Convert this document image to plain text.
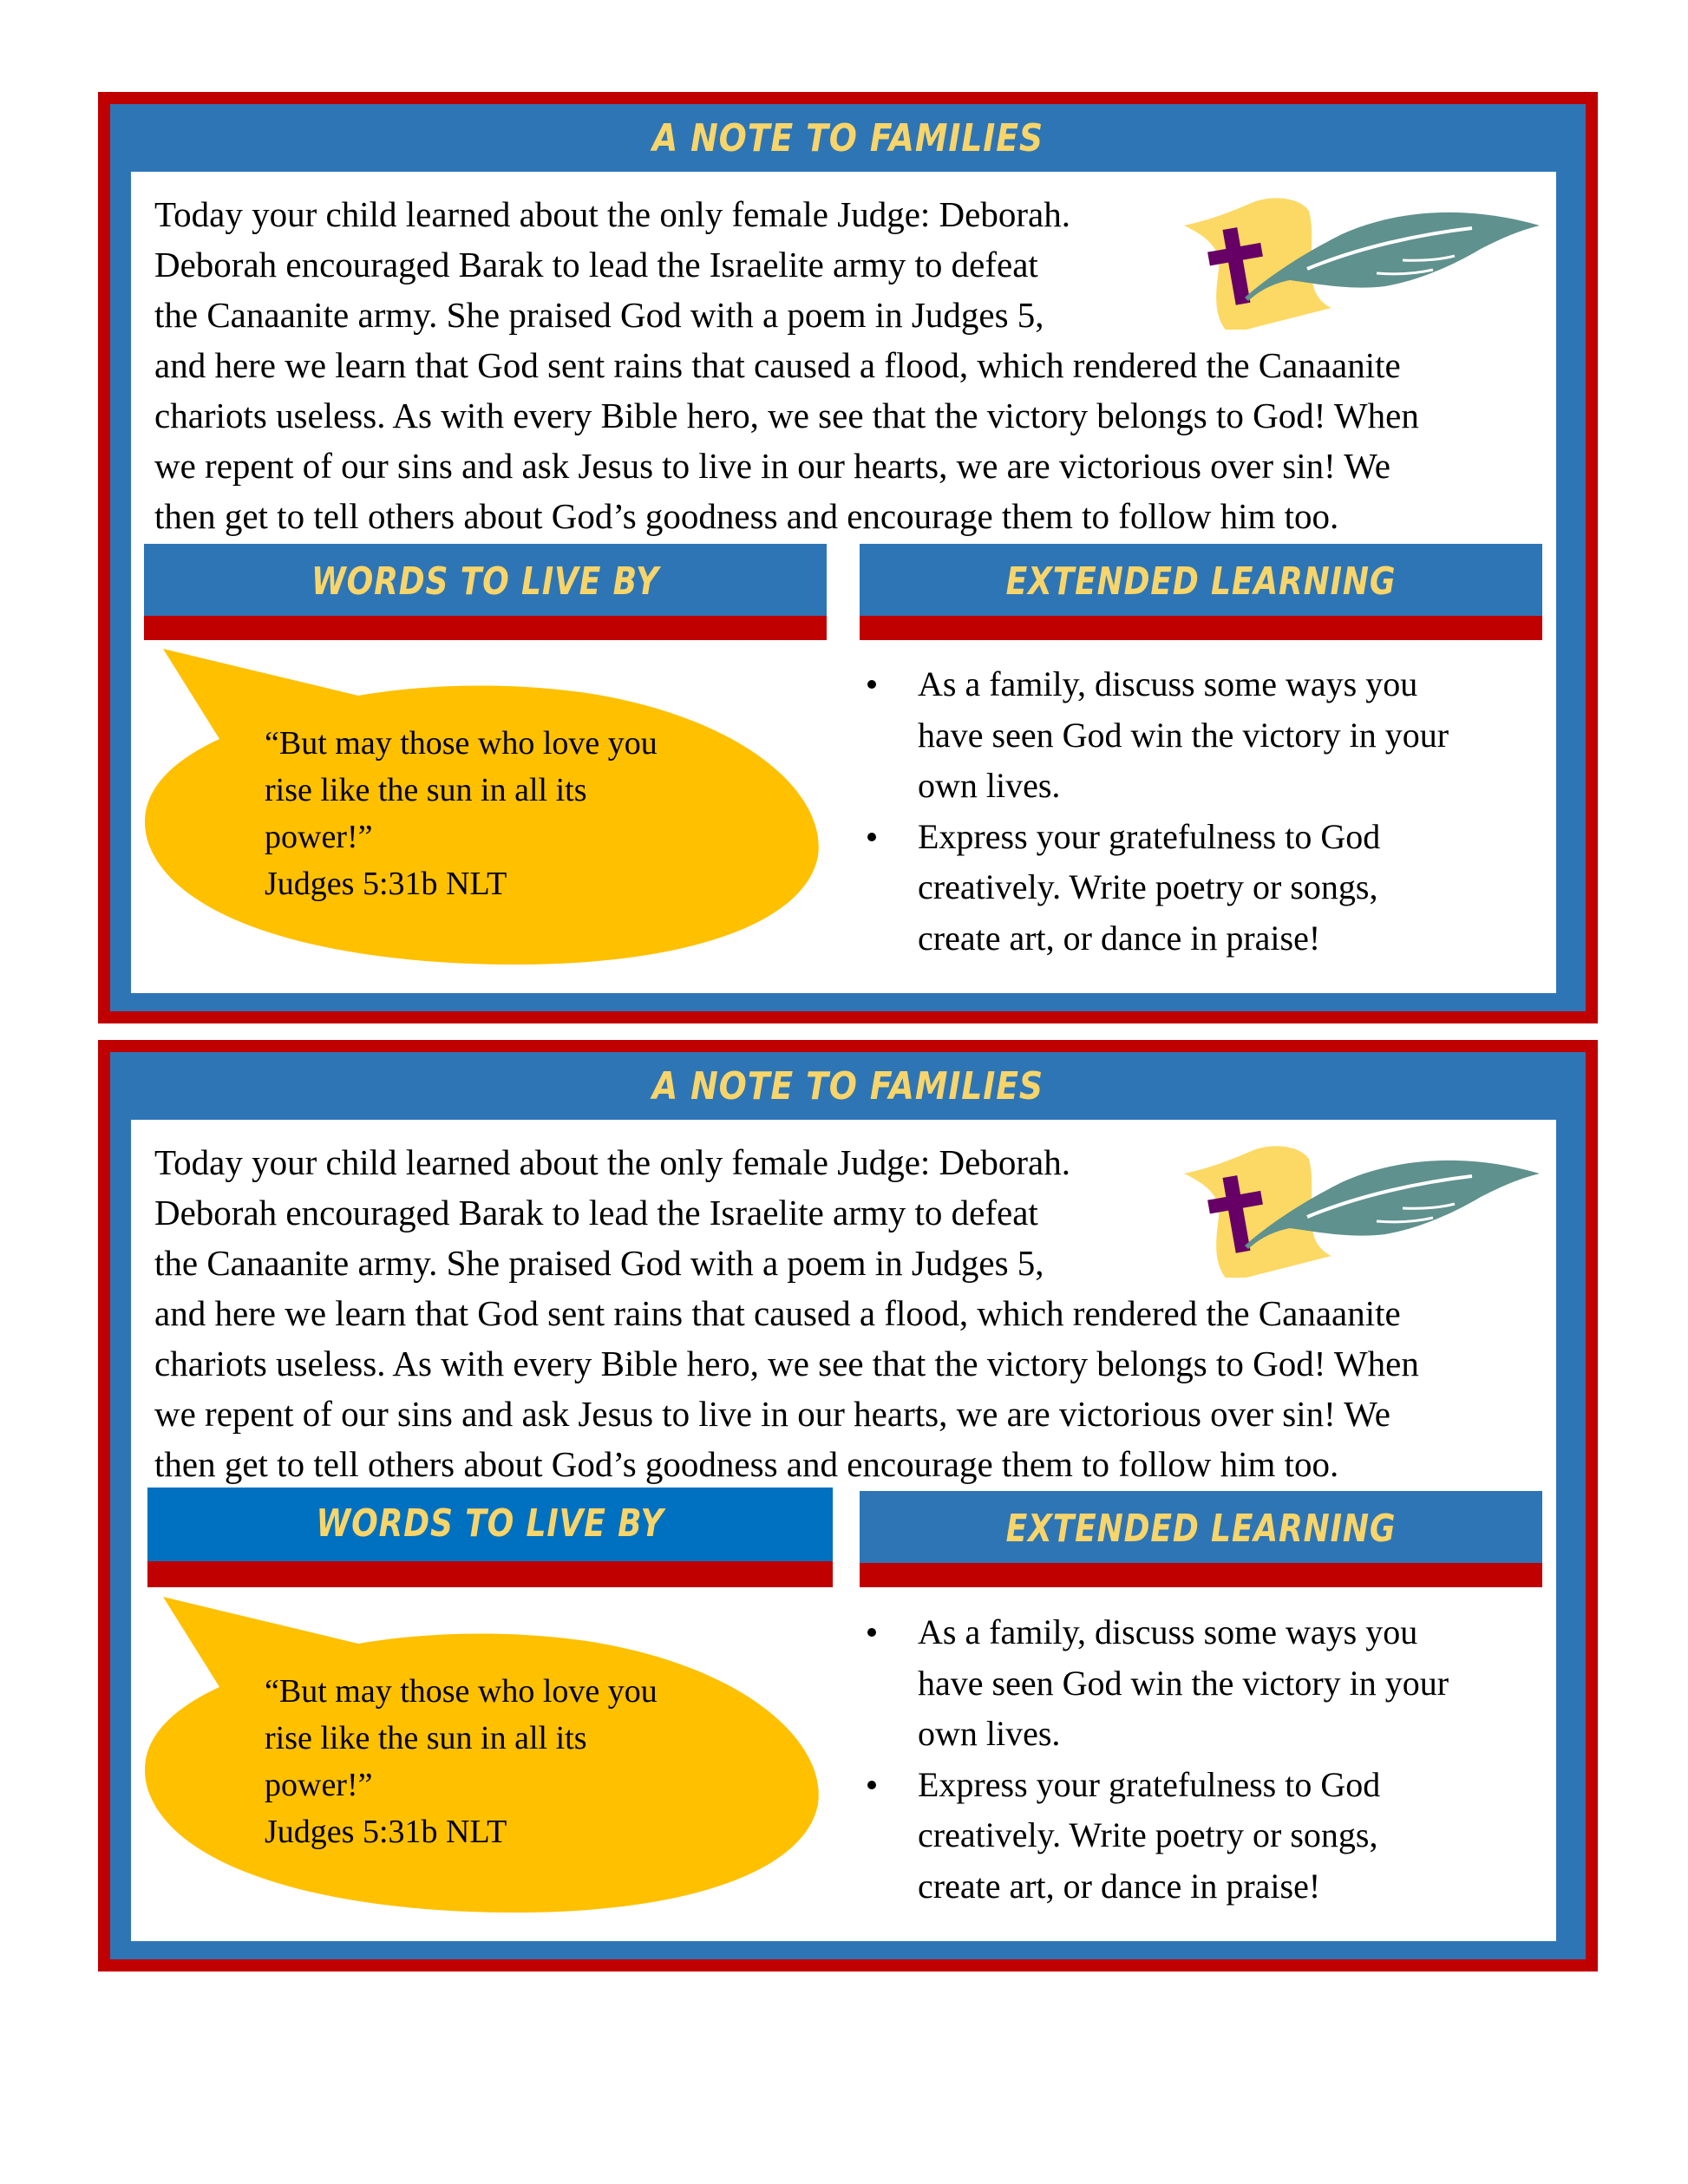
A NOTE TO FAMILIES
Today your child learned about the only female Judge: Deborah.
Deborah encouraged Barak to lead the Israelite army to defeat
the Canaanite army. She praised God with a poem in Judges 5,
and here we learn that God sent rains that caused a flood, which rendered the Canaanite
chariots useless. As with every Bible hero, we see that the victory belongs to God! When
we repent of our sins and ask Jesus to live in our hearts, we are victorious over sin! We
then get to tell others about God’s goodness and encourage them to follow him too.
WORDS TO LIVE BY	EXTENDED LEARNING
“But may those who love you
rise like the sun in all its
power!”
Judges 5:31b NLT
As a family, discuss some ways you
have seen God win the victory in your
own lives.
Express your gratefulness to God
creatively. Write poetry or songs,
create art, or dance in praise!
A NOTE TO FAMILIES
Today your child learned about the only female Judge: Deborah.
Deborah encouraged Barak to lead the Israelite army to defeat
the Canaanite army. She praised God with a poem in Judges 5,
and here we learn that God sent rains that caused a flood, which rendered the Canaanite
chariots useless. As with every Bible hero, we see that the victory belongs to God! When
we repent of our sins and ask Jesus to live in our hearts, we are victorious over sin! We
then get to tell others about God’s goodness and encourage them to follow him too.
WORDS TO LIVE BY	EXTENDED LEARNING
“But may those who love you
rise like the sun in all its
power!”
Judges 5:31b NLT
As a family, discuss some ways you
have seen God win the victory in your
own lives.
Express your gratefulness to God
creatively. Write poetry or songs,
create art, or dance in praise!
